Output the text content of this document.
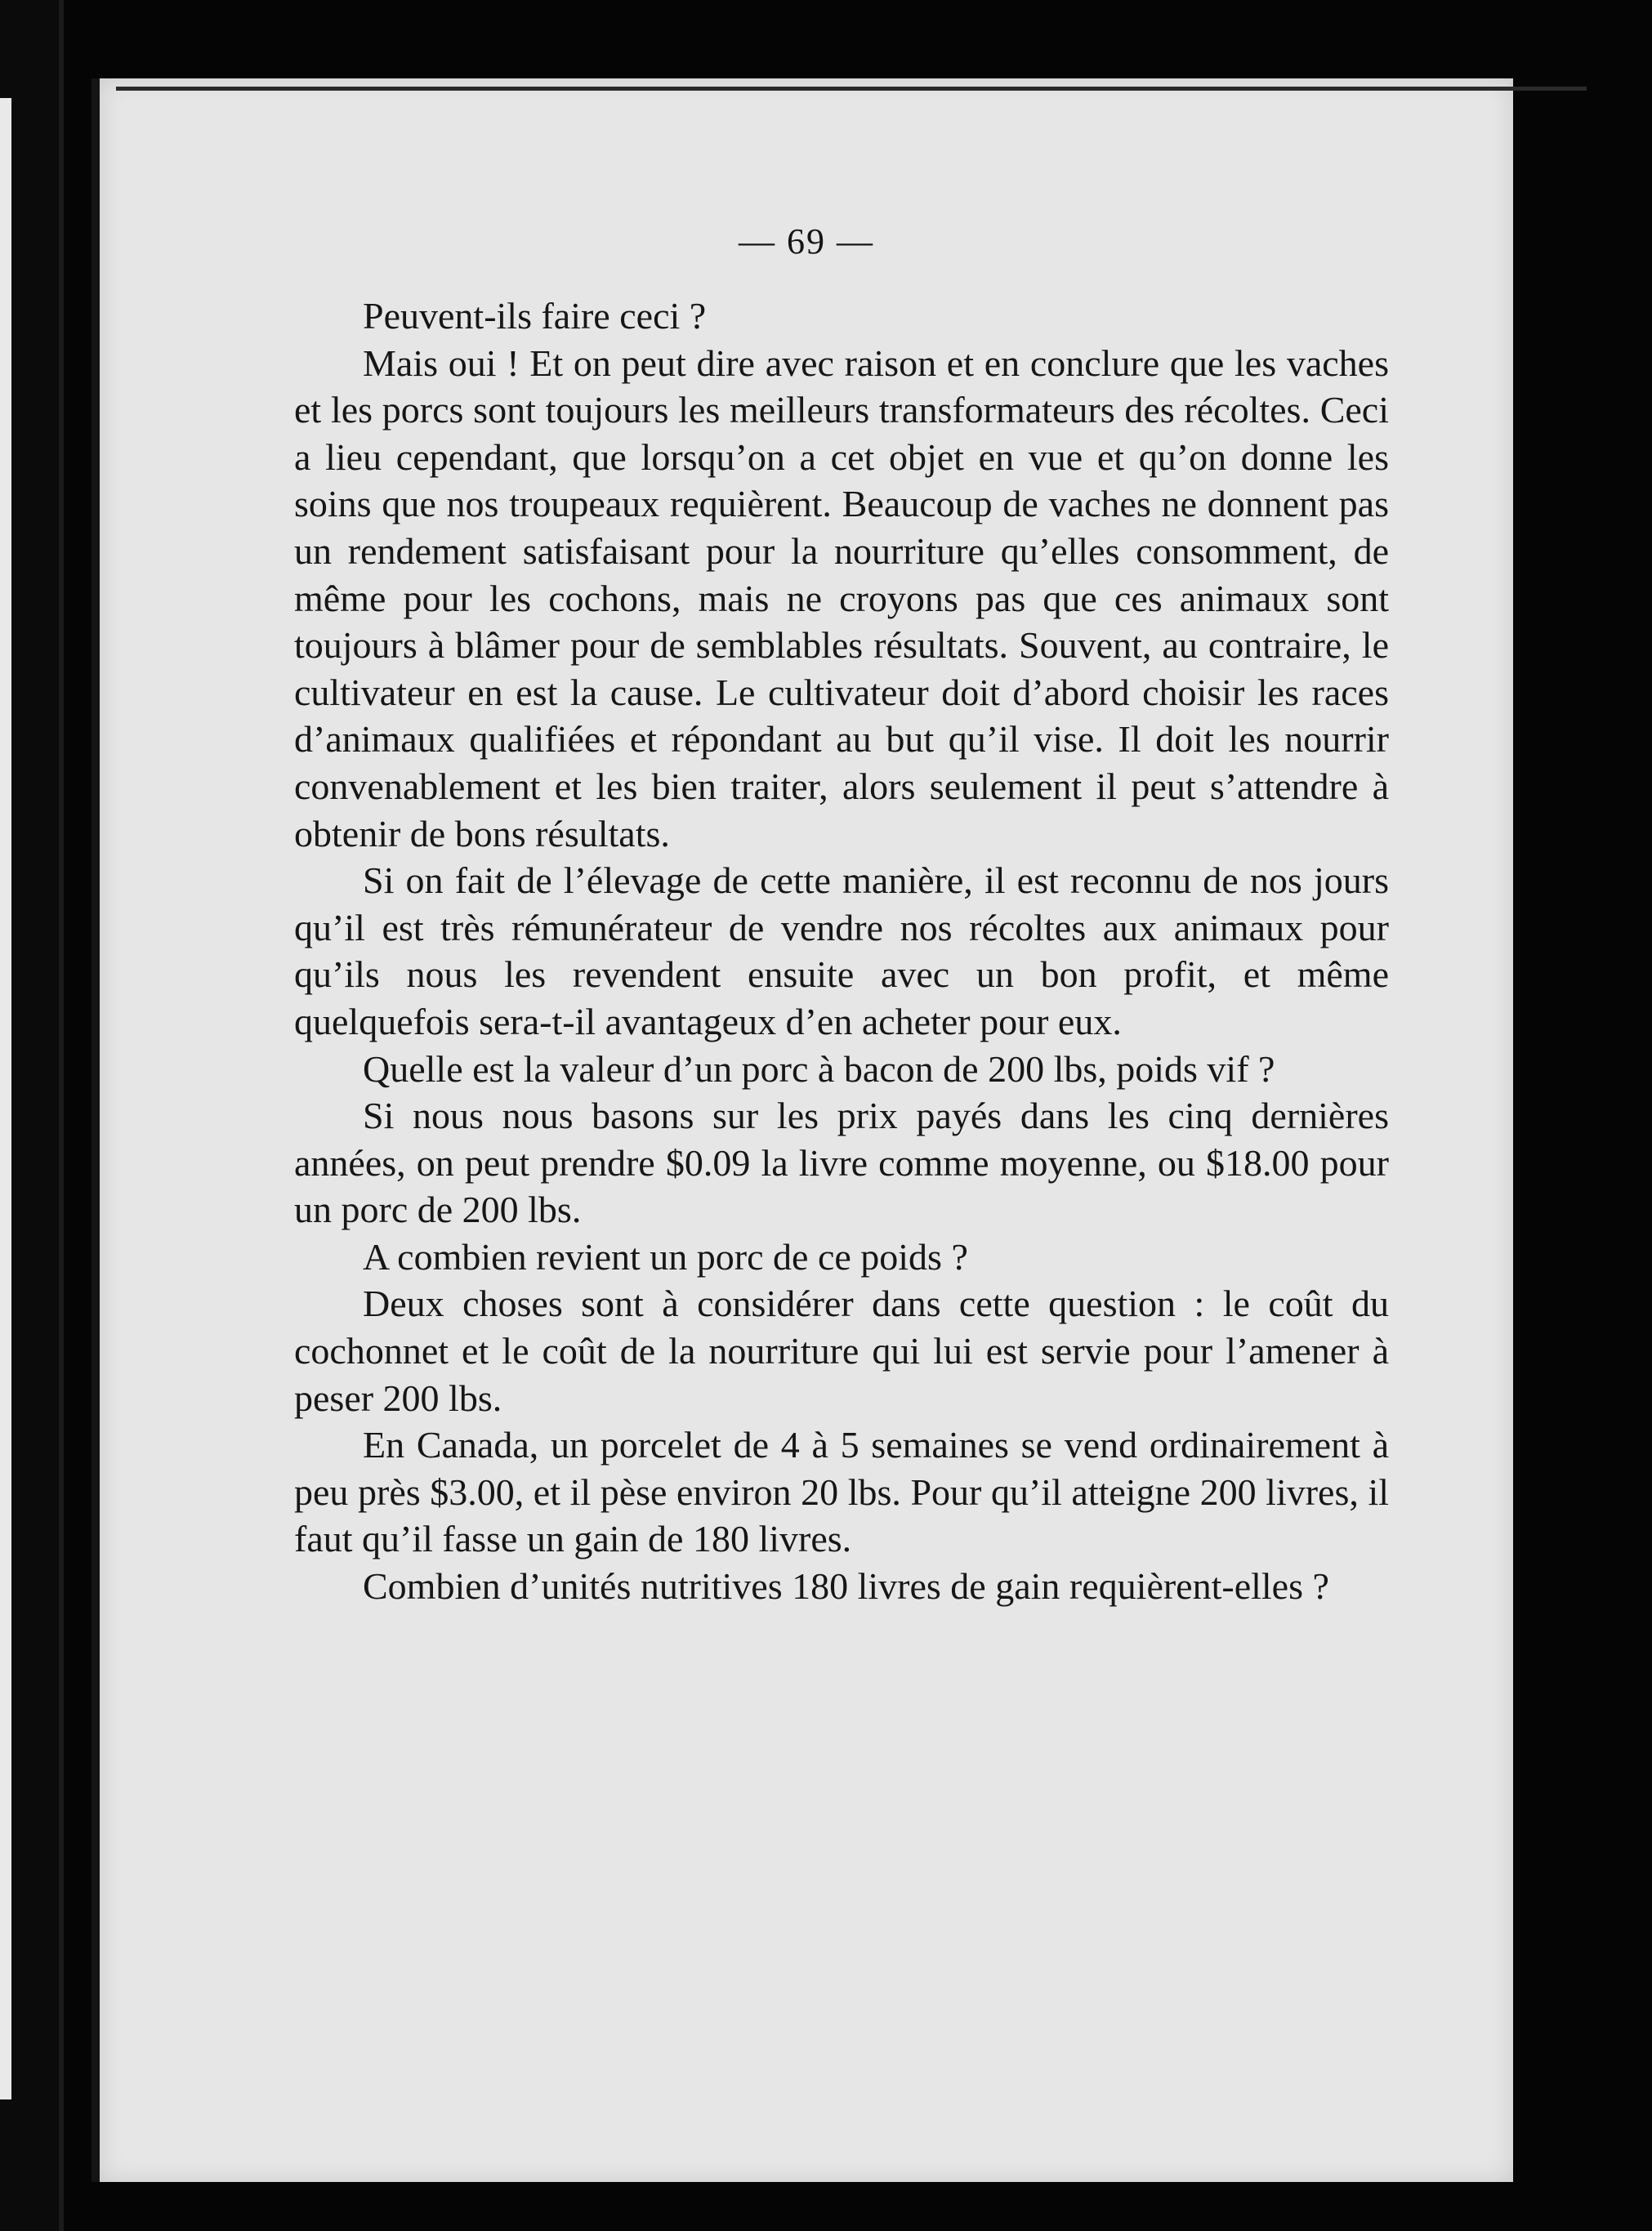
— 69 —

Peuvent-ils faire ceci ?

Mais oui ! Et on peut dire avec raison et en conclure que les vaches et les porcs sont toujours les meilleurs transformateurs des récoltes. Ceci a lieu cependant, que lorsqu’on a cet objet en vue et qu’on donne les soins que nos troupeaux requièrent. Beaucoup de vaches ne donnent pas un rendement satisfaisant pour la nourriture qu’elles consomment, de même pour les cochons, mais ne croyons pas que ces animaux sont toujours à blâmer pour de semblables résultats. Souvent, au contraire, le cultivateur en est la cause. Le cultivateur doit d’abord choisir les races d’animaux qualifiées et répondant au but qu’il vise. Il doit les nourrir convenablement et les bien traiter, alors seulement il peut s’attendre à obtenir de bons résultats.

Si on fait de l’élevage de cette manière, il est reconnu de nos jours qu’il est très rémunérateur de vendre nos récoltes aux animaux pour qu’ils nous les revendent ensuite avec un bon profit, et même quelquefois sera-t-il avantageux d’en acheter pour eux.

Quelle est la valeur d’un porc à bacon de 200 lbs, poids vif ?

Si nous nous basons sur les prix payés dans les cinq dernières années, on peut prendre $0.09 la livre comme moyenne, ou $18.00 pour un porc de 200 lbs.

A combien revient un porc de ce poids ?

Deux choses sont à considérer dans cette question : le coût du cochonnet et le coût de la nourriture qui lui est servie pour l’amener à peser 200 lbs.

En Canada, un porcelet de 4 à 5 semaines se vend ordinairement à peu près $3.00, et il pèse environ 20 lbs. Pour qu’il atteigne 200 livres, il faut qu’il fasse un gain de 180 livres.

Combien d’unités nutritives 180 livres de gain requièrent-elles ?
